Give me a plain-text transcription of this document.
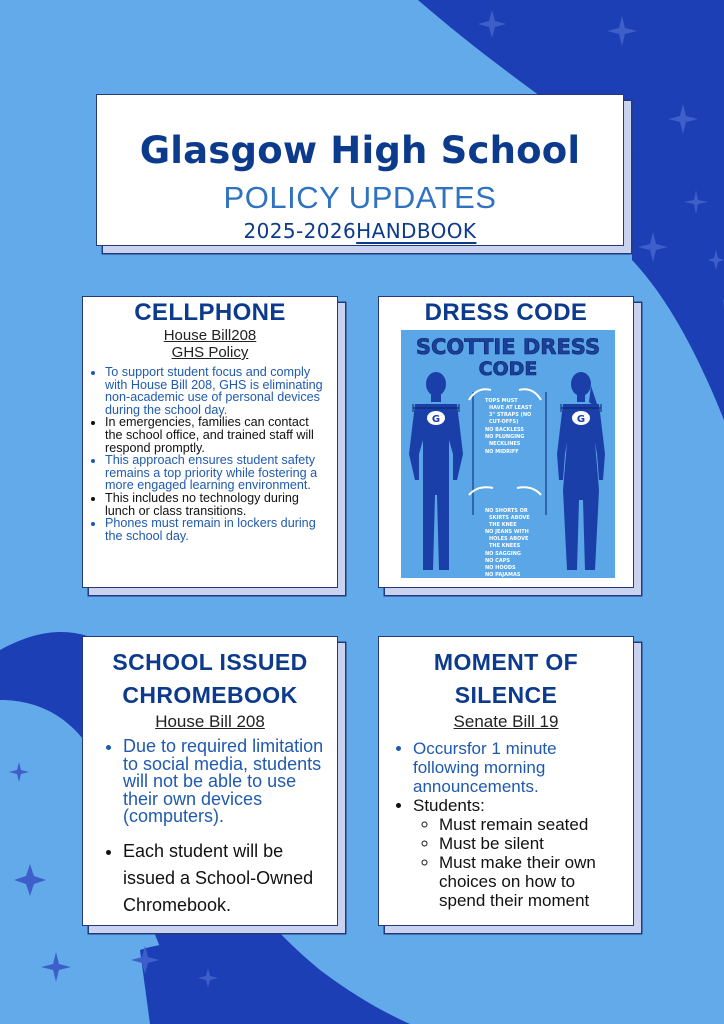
Glasgow High School
POLICY UPDATES
2025-2026HANDBOOK
CELLPHONE
House Bill208
GHS Policy
• To support student focus and comply with House Bill 208, GHS is eliminating non-academic use of personal devices during the school day.
• In emergencies, families can contact the school office, and trained staff will respond promptly.
• This approach ensures student safety remains a top priority while fostering a more engaged learning environment.
• This includes no technology during lunch or class transitions.
• Phones must remain in lockers during the school day.
DRESS CODE
SCOTTIE DRESS
CODE
G	G
TOPS MUST
HAVE AT LEAST
3" STRAPS (NO
CUT-OFFS)
NO BACKLESS
NO PLUNGING
NECKLINES
NO MIDRIFF
NO SHORTS OR
SKIRTS ABOVE
THE KNEE
NO JEANS WITH
HOLES ABOVE
THE KNEES
NO SAGGING
NO CAPS
NO HOODS
NO PAJAMAS
SCHOOL ISSUED
CHROMEBOOK
House Bill 208
• Due to required limitation to social media, students will not be able to use their own devices (computers).
• Each student will be issued a School-Owned Chromebook.
MOMENT OF
SILENCE
Senate Bill 19
• Occursfor 1 minute following morning announcements.
• Students:
◦ Must remain seated
◦ Must be silent
◦ Must make their own choices on how to spend their moment
